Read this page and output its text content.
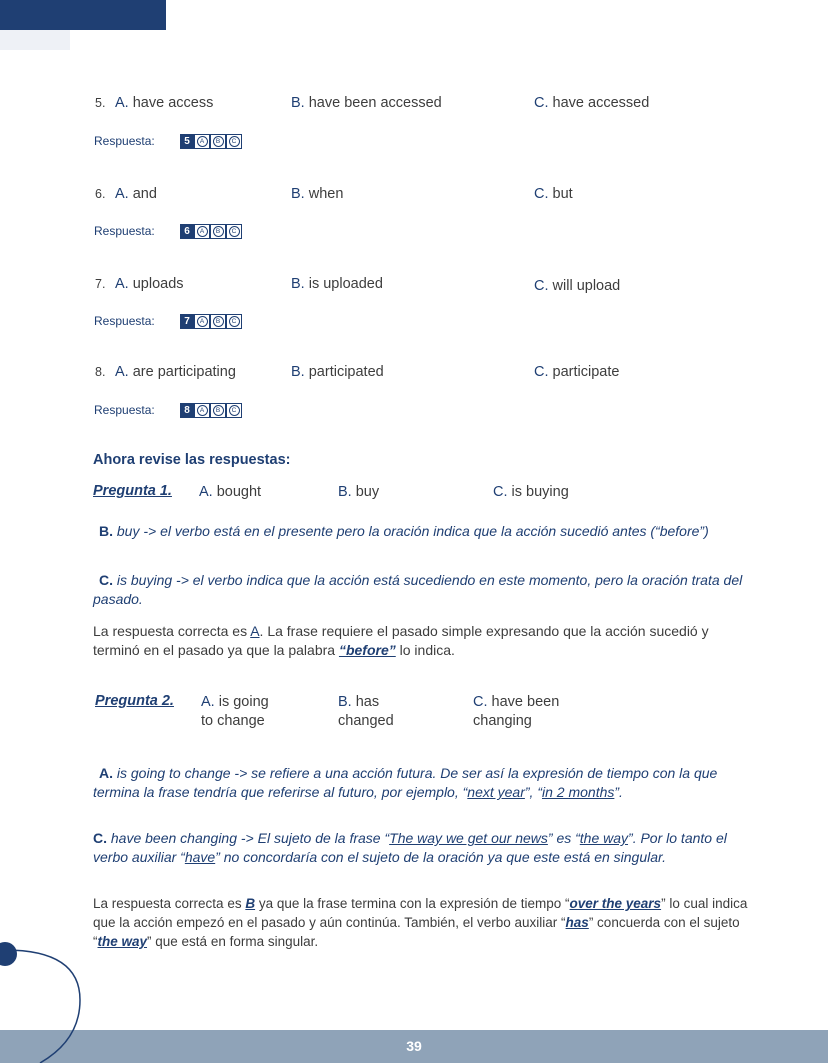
5. A. have access	B. have been accessed	C. have accessed
Respuesta:	5	A	B	C
6. A. and	B. when	C. but
Respuesta:	6	A	B	C
7. A. uploads	B. is uploaded	C. will upload
Respuesta:	7	A	B	C
8. A. are participating	B. participated	C. participate
Respuesta:	8	A	B	C
Ahora revise las respuestas:
Pregunta 1. A. bought	B. buy	C. is buying
B. buy -> el verbo está en el presente pero la oración indica que la acción sucedió antes (“before”)
C. is buying -> el verbo indica que la acción está sucediendo en este momento, pero la oración trata del pasado.
La respuesta correcta es A. La frase requiere el pasado simple expresando que la acción sucedió y terminó en el pasado ya que la palabra “before” lo indica.
Pregunta 2. A. is going
to change
B. has
changed
C. have been
changing
A. is going to change -> se refiere a una acción futura. De ser así la expresión de tiempo con la que termina la frase tendría que referirse al futuro, por ejemplo, “next year”, “in 2 months”.
C. have been changing -> El sujeto de la frase “The way we get our news” es “the way”. Por lo tanto el verbo auxiliar “have” no concordaría con el sujeto de la oración ya que este está en singular.
La respuesta correcta es B ya que la frase termina con la expresión de tiempo “over the years” lo cual indica que la acción empezó en el pasado y aún continúa. También, el verbo auxiliar “has” concuerda con el sujeto “the way” que está en forma singular.
39
